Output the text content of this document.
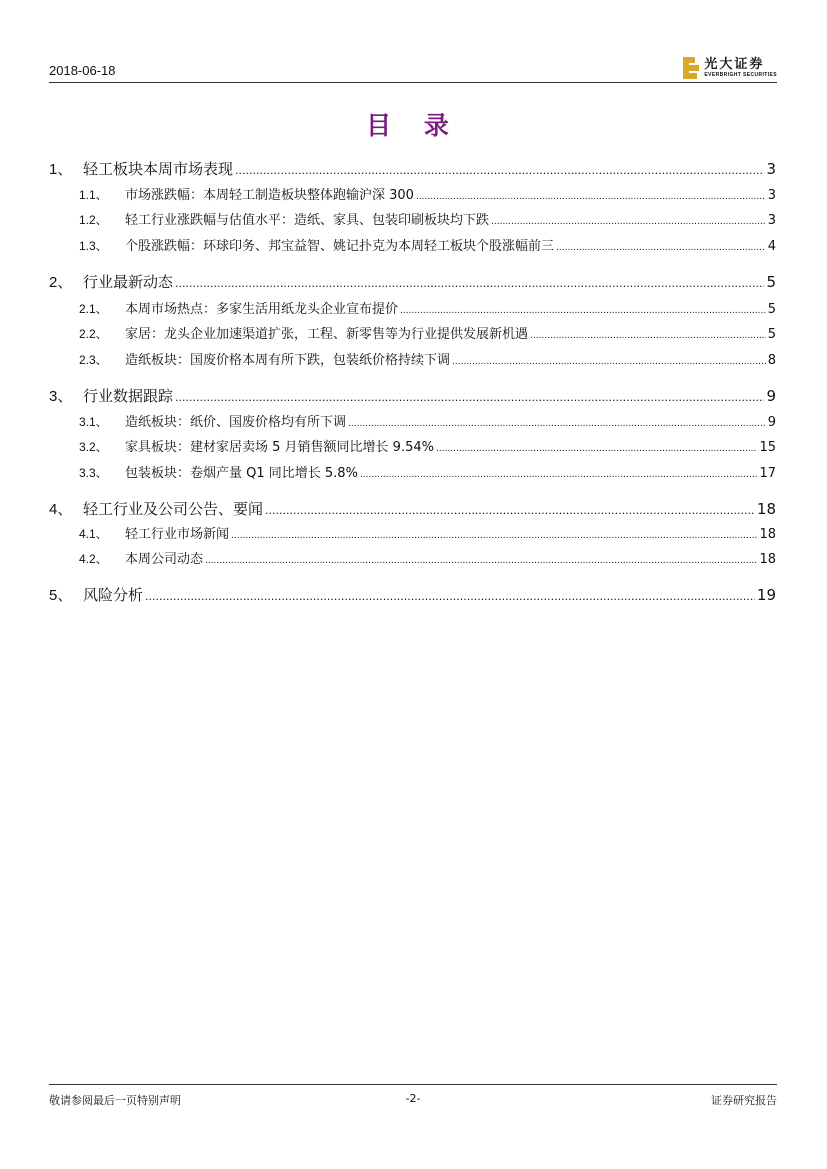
2018-06-18	光大证券
EVERBRIGHT SECURITIES
目 录
1、 轻工板块本周市场表现 .....	3
1.1、	市场涨跌幅：本周轻工制造板块整体跑输沪深 300 .....	3
1.2、	轻工行业涨跌幅与估值水平：造纸、家具、包装印刷板块均下跌 .....	3
1.3、	个股涨跌幅：环球印务、邦宝益智、姚记扑克为本周轻工板块个股涨幅前三 .....	4
2、 行业最新动态 .....	5
2.1、	本周市场热点：多家生活用纸龙头企业宣布提价 .....	5
2.2、	家居：龙头企业加速渠道扩张，工程、新零售等为行业提供发展新机遇 .....	5
2.3、	造纸板块：国废价格本周有所下跌，包装纸价格持续下调 .....	8
3、 行业数据跟踪 .....	9
3.1、	造纸板块：纸价、国废价格均有所下调 .....	9
3.2、	家具板块：建材家居卖场 5 月销售额同比增长 9.54% .....	15
3.3、	包装板块：卷烟产量 Q1 同比增长 5.8% .....	17
4、 轻工行业及公司公告、要闻 .....	18
4.1、	轻工行业市场新闻 .....	18
4.2、	本周公司动态 .....	18
5、 风险分析 .....	19
敬请参阅最后一页特别声明	-2-	证券研究报告
